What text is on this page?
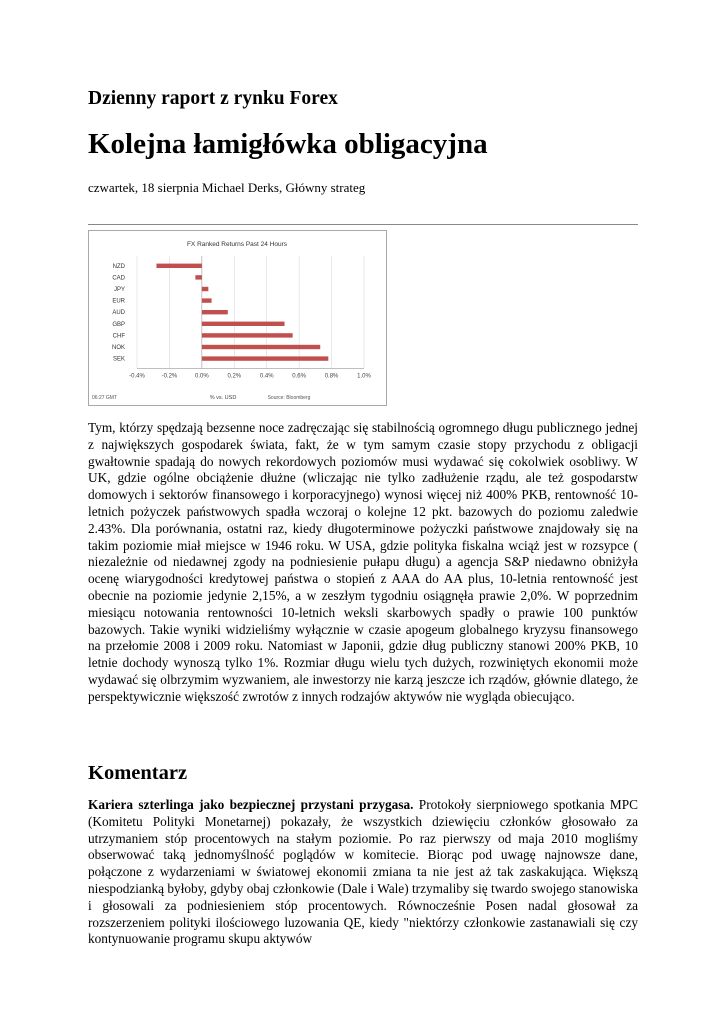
Dzienny raport z rynku Forex
Kolejna łamigłówka obligacyjna
czwartek, 18 sierpnia Michael Derks, Główny strateg
FX Ranked Returns Past 24 Hours
NZD
CAD
JPY
EUR
AUD
GBP
CHF
NOK
SEK
-0.4%	-0.2%	0.0%	0.2%	0.4%	0.6%	0.8%	1.0%
06:27 GMT	% vs. USD	Source: Bloomberg

Tym, którzy spędzają bezsenne noce zadręczając się stabilnością ogromnego długu publicznego jednej z największych gospodarek świata, fakt, że w tym samym czasie stopy przychodu z obligacji gwałtownie spadają do nowych rekordowych poziomów musi wydawać się cokolwiek osobliwy. W UK, gdzie ogólne obciążenie dłużne (wliczając nie tylko zadłużenie rządu, ale też gospodarstw domowych i sektorów finansowego i korporacyjnego) wynosi więcej niż 400% PKB, rentowność 10-letnich pożyczek państwowych spadła wczoraj o kolejne 12 pkt. bazowych do poziomu zaledwie 2.43%. Dla porównania, ostatni raz, kiedy długoterminowe pożyczki państwowe znajdowały się na takim poziomie miał miejsce w 1946 roku. W USA, gdzie polityka fiskalna wciąż jest w rozsypce ( niezależnie od niedawnej zgody na podniesienie pułapu długu) a agencja S&P niedawno obniżyła ocenę wiarygodności kredytowej państwa o stopień z AAA do AA plus, 10-letnia rentowność jest obecnie na poziomie jedynie 2,15%, a w zeszłym tygodniu osiągnęła prawie 2,0%. W poprzednim miesiącu notowania rentowności 10-letnich weksli skarbowych spadły o prawie 100 punktów bazowych. Takie wyniki widzieliśmy wyłącznie w czasie apogeum globalnego kryzysu finansowego na przełomie 2008 i 2009 roku. Natomiast w Japonii, gdzie dług publiczny stanowi 200% PKB, 10 letnie dochody wynoszą tylko 1%. Rozmiar długu wielu tych dużych, rozwiniętych ekonomii może wydawać się olbrzymim wyzwaniem, ale inwestorzy nie karzą jeszcze ich rządów, głównie dlatego, że perspektywicznie większość zwrotów z innych rodzajów aktywów nie wygląda obiecująco.

Komentarz

Kariera szterlinga jako bezpiecznej przystani przygasa. Protokoły sierpniowego spotkania MPC (Komitetu Polityki Monetarnej) pokazały, że wszystkich dziewięciu członków głosowało za utrzymaniem stóp procentowych na stałym poziomie. Po raz pierwszy od maja 2010 mogliśmy obserwować taką jednomyślność poglądów w komitecie. Biorąc pod uwagę najnowsze dane, połączone z wydarzeniami w światowej ekonomii zmiana ta nie jest aż tak zaskakująca. Większą niespodzianką byłoby, gdyby obaj członkowie (Dale i Wale) trzymaliby się twardo swojego stanowiska i głosowali za podniesieniem stóp procentowych. Równocześnie Posen nadal głosował za rozszerzeniem polityki ilościowego luzowania QE, kiedy "niektórzy członkowie zastanawiali się czy kontynuowanie programu skupu aktywów
